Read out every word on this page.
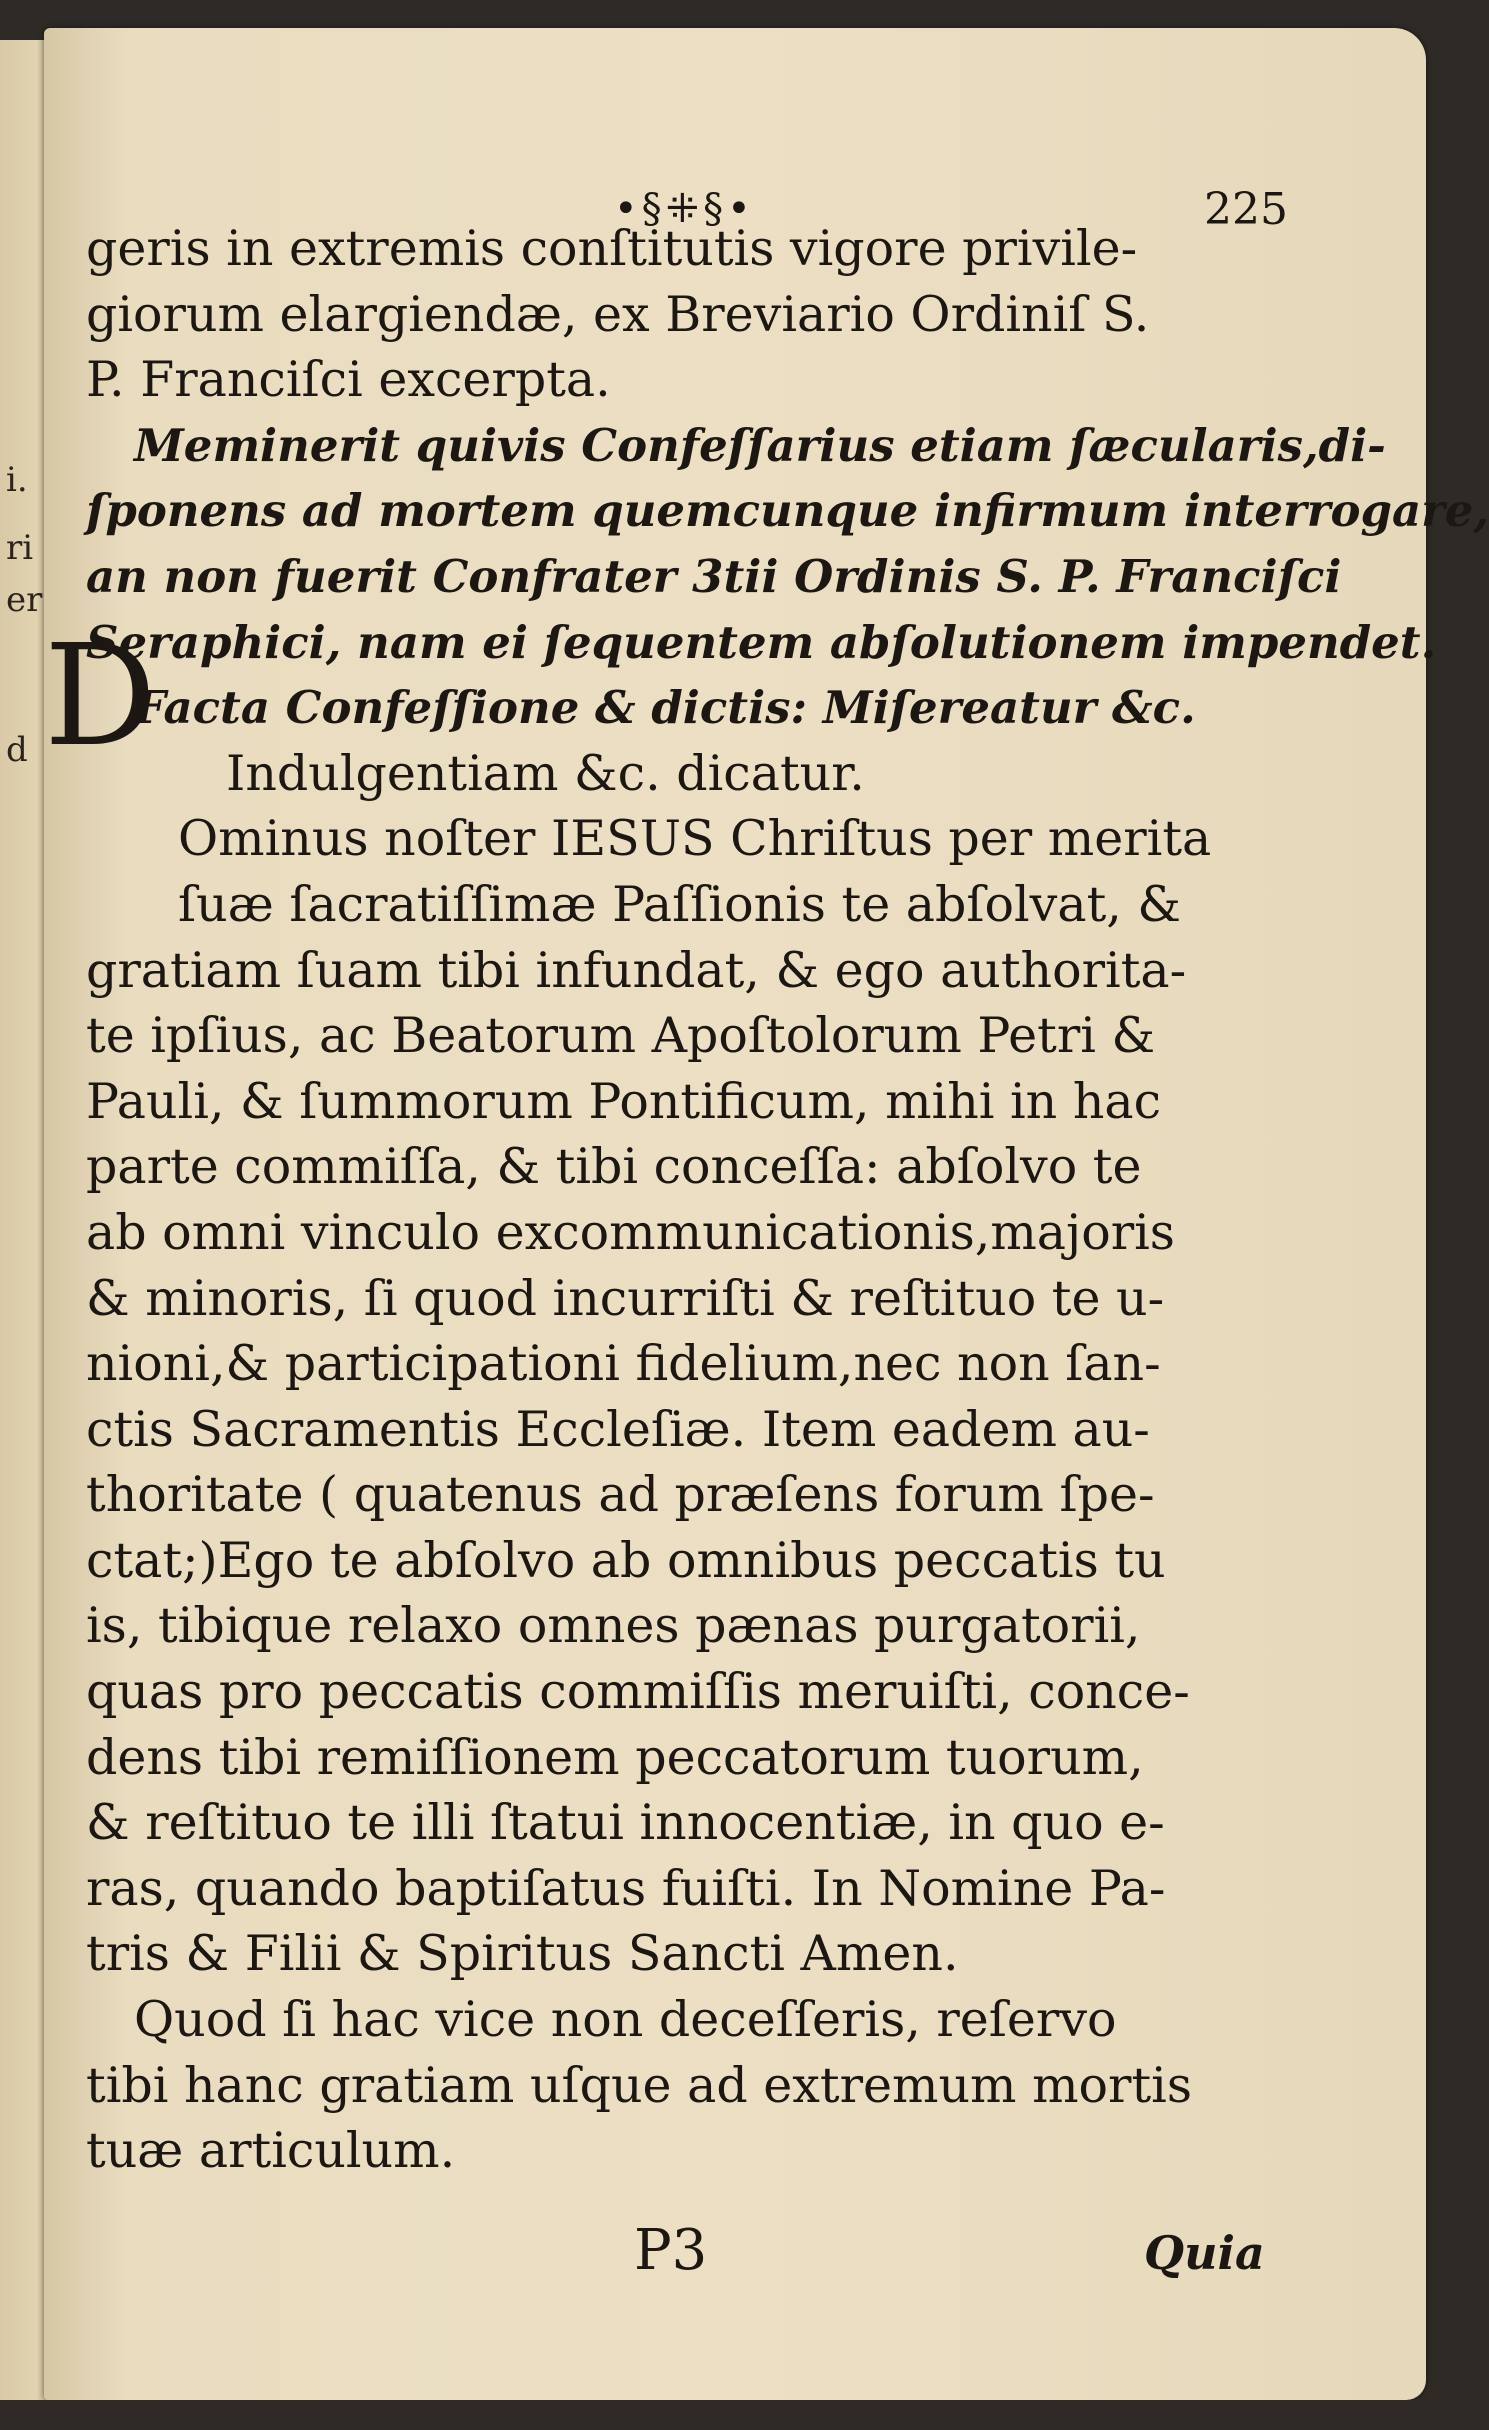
i.
ri
er
d
•§⁜§•	225
D
geris in extremis conſtitutis vigore privile-
giorum elargiendæ, ex Breviario Ordiniſ S.
P. Franciſci excerpta.
Meminerit quivis Confeſſarius etiam ſæcularis,di-
ſponens ad mortem quemcunque infirmum interrogare,
an non fuerit Confrater 3tii Ordinis S. P. Franciſci
Seraphici, nam ei ſequentem abſolutionem impendet.
Facta Confeſſione & dictis: Miſereatur &c.
Indulgentiam &c. dicatur.
Ominus noſter IESUS Chriſtus per merita
ſuæ ſacratiſſimæ Paſſionis te abſolvat, &
gratiam ſuam tibi infundat, & ego authorita-
te ipſius, ac Beatorum Apoſtolorum Petri &
Pauli, & ſummorum Pontificum, mihi in hac
parte commiſſa, & tibi conceſſa: abſolvo te
ab omni vinculo excommunicationis,majoris
& minoris, ſi quod incurriſti & reſtituo te u-
nioni,& participationi fidelium,nec non ſan-
ctis Sacramentis Eccleſiæ. Item eadem au-
thoritate ( quatenus ad præſens forum ſpe-
ctat;)Ego te abſolvo ab omnibus peccatis tu
is, tibique relaxo omnes pænas purgatorii,
quas pro peccatis commiſſis meruiſti, conce-
dens tibi remiſſionem peccatorum tuorum,
& reſtituo te illi ſtatui innocentiæ, in quo e-
ras, quando baptiſatus fuiſti. In Nomine Pa-
tris & Filii & Spiritus Sancti Amen.
Quod ſi hac vice non deceſſeris, reſervo
tibi hanc gratiam uſque ad extremum mortis
tuæ articulum.
P3	Quia
